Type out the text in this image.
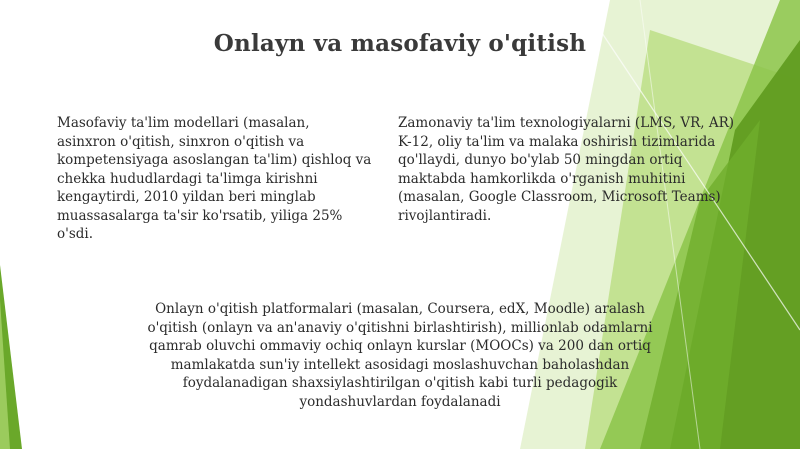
Onlayn va masofaviy o'qitish
Masofaviy ta'lim modellari (masalan, asinxron o'qitish, sinxron o'qitish va kompetensiyaga asoslangan ta'lim) qishloq va chekka hududlardagi ta'limga kirishni kengaytirdi, 2010 yildan beri minglab muassasalarga ta'sir ko'rsatib, yiliga 25% o'sdi.
Zamonaviy ta'lim texnologiyalarni (LMS, VR, AR) K-12, oliy ta'lim va malaka oshirish tizimlarida qo'llaydi, dunyo bo'ylab 50 mingdan ortiq maktabda hamkorlikda o'rganish muhitini (masalan, Google Classroom, Microsoft Teams) rivojlantiradi.
Onlayn o'qitish platformalari (masalan, Coursera, edX, Moodle) aralash o'qitish (onlayn va an'anaviy o'qitishni birlashtirish), millionlab odamlarni qamrab oluvchi ommaviy ochiq onlayn kurslar (MOOCs) va 200 dan ortiq mamlakatda sun'iy intellekt asosidagi moslashuvchan baholashdan foydalanadigan shaxsiylashtirilgan o'qitish kabi turli pedagogik yondashuvlardan foydalanadi
